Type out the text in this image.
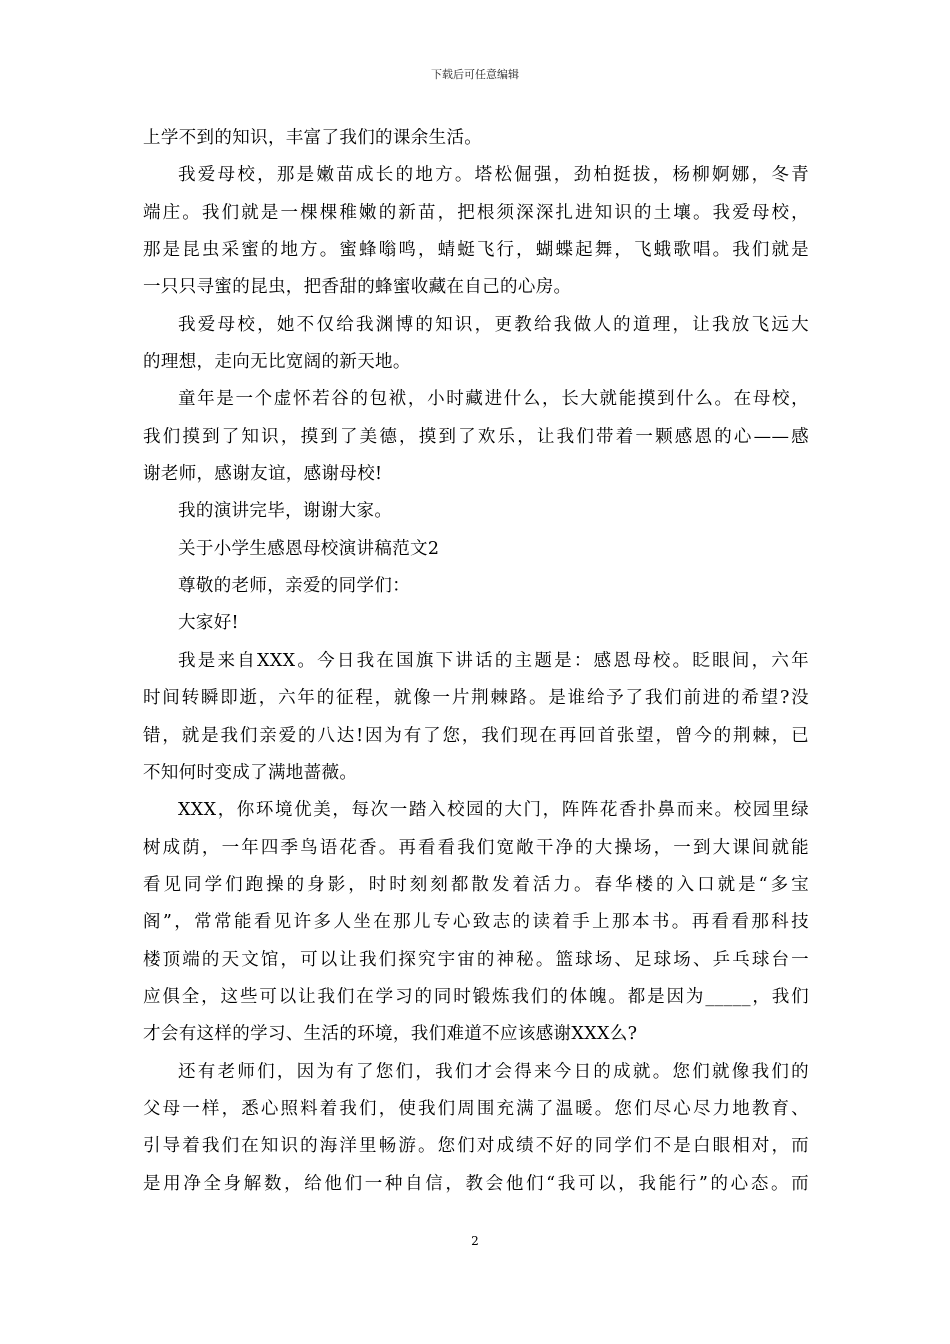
下载后可任意编辑
上学不到的知识，丰富了我们的课余生活。
我爱母校，那是嫩苗成长的地方。塔松倔强，劲柏挺拔，杨柳婀娜，冬青
端庄。我们就是一棵棵稚嫩的新苗，把根须深深扎进知识的土壤。我爱母校，
那是昆虫采蜜的地方。蜜蜂嗡鸣，蜻蜓飞行，蝴蝶起舞，飞蛾歌唱。我们就是
一只只寻蜜的昆虫，把香甜的蜂蜜收藏在自己的心房。
我爱母校，她不仅给我渊博的知识，更教给我做人的道理，让我放飞远大
的理想，走向无比宽阔的新天地。
童年是一个虚怀若谷的包袱，小时藏进什么，长大就能摸到什么。在母校，
我们摸到了知识，摸到了美德，摸到了欢乐，让我们带着一颗感恩的心——感
谢老师，感谢友谊，感谢母校!
我的演讲完毕，谢谢大家。
关于小学生感恩母校演讲稿范文2
尊敬的老师，亲爱的同学们：
大家好!
我是来自XXX。今日我在国旗下讲话的主题是：感恩母校。眨眼间，六年
时间转瞬即逝，六年的征程，就像一片荆棘路。是谁给予了我们前进的希望?没
错，就是我们亲爱的八达!因为有了您，我们现在再回首张望，曾今的荆棘，已
不知何时变成了满地蔷薇。
XXX，你环境优美，每次一踏入校园的大门，阵阵花香扑鼻而来。校园里绿
树成荫，一年四季鸟语花香。再看看我们宽敞干净的大操场，一到大课间就能
看见同学们跑操的身影，时时刻刻都散发着活力。春华楼的入口就是“多宝
阁”，常常能看见许多人坐在那儿专心致志的读着手上那本书。再看看那科技
楼顶端的天文馆，可以让我们探究宇宙的神秘。篮球场、足球场、乒乓球台一
应俱全，这些可以让我们在学习的同时锻炼我们的体魄。都是因为_____，我们
才会有这样的学习、生活的环境，我们难道不应该感谢XXX么?
还有老师们，因为有了您们，我们才会得来今日的成就。您们就像我们的
父母一样，悉心照料着我们，使我们周围充满了温暖。您们尽心尽力地教育、
引导着我们在知识的海洋里畅游。您们对成绩不好的同学们不是白眼相对，而
是用净全身解数，给他们一种自信，教会他们“我可以，我能行”的心态。而
2
